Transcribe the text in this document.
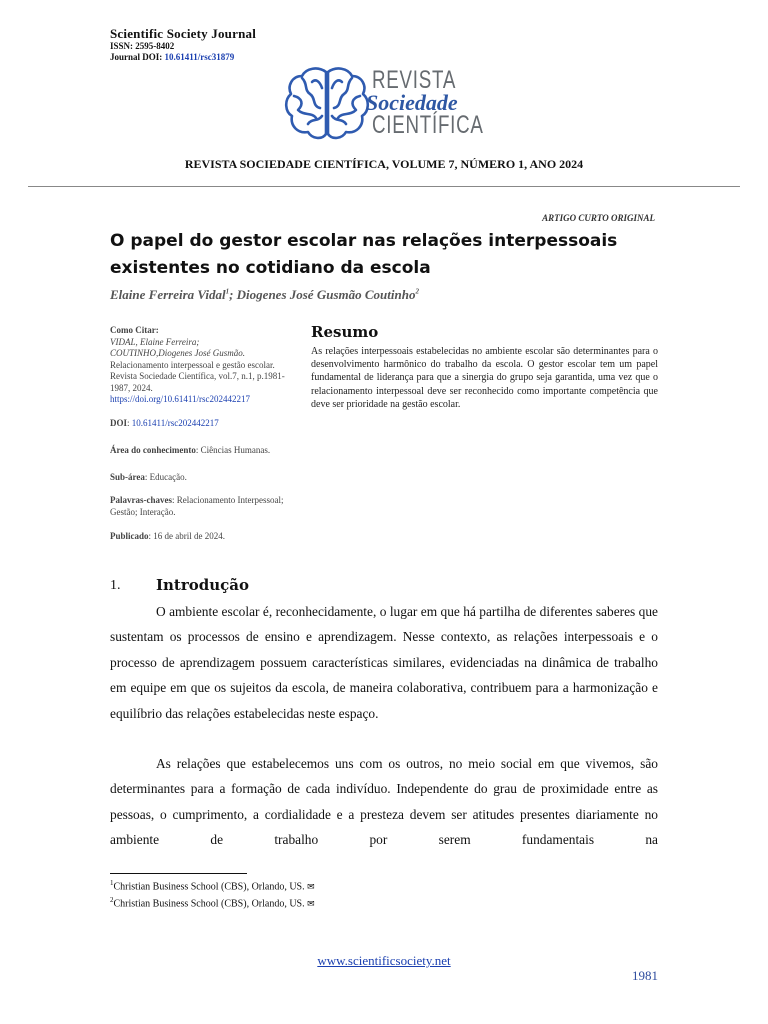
Scientific Society Journal
ISSN: 2595-8402
Journal DOI: 10.61411/rsc31879
REVISTA
Sociedade
CIENTÍFICA
REVISTA SOCIEDADE CIENTÍFICA, VOLUME 7, NÚMERO 1, ANO 2024
ARTIGO CURTO ORIGINAL
O papel do gestor escolar nas relações interpessoais
existentes no cotidiano da escola
Elaine Ferreira Vidal$^1$; Diogenes José Gusmão Coutinho$^2$

Como Citar:

VIDAL, Elaine Ferreira;

COUTINHO,Diogenes José Gusmão.

Relacionamento interpessoal e gestão escolar. Revista Sociedade Científica, vol.7, n.1, p.1981-1987, 2024.

https://doi.org/10.61411/rsc202442217

DOI: 10.61411/rsc202442217

Área do conhecimento: Ciências Humanas.

Sub-área: Educação.

Palavras-chaves: Relacionamento Interpessoal; Gestão; Interação.

Publicado: 16 de abril de 2024.

Resumo
As relações interpessoais estabelecidas no ambiente escolar são determinantes para o desenvolvimento harmônico do trabalho da escola. O gestor escolar tem um papel fundamental de liderança para que a sinergia do grupo seja garantida, uma vez que o relacionamento interpessoal deve ser reconhecido como importante competência que deve ser prioridade na gestão escolar.
1. Introdução

O ambiente escolar é, reconhecidamente, o lugar em que há partilha de diferentes saberes que sustentam os processos de ensino e aprendizagem. Nesse contexto, as relações interpessoais e o processo de aprendizagem possuem características similares, evidenciadas na dinâmica de trabalho em equipe em que os sujeitos da escola, de maneira colaborativa, contribuem para a harmonização e equilíbrio das relações estabelecidas neste espaço.

As relações que estabelecemos uns com os outros, no meio social em que vivemos, são determinantes para a formação de cada indivíduo. Independente do grau de proximidade entre as pessoas, o cumprimento, a cordialidade e a presteza devem ser atitudes presentes diariamente no ambiente de trabalho por serem fundamentais na

$^1$Christian Business School (CBS), Orlando, US. ✉
$^2$Christian Business School (CBS), Orlando, US. ✉
www.scientificsociety.net
1981
